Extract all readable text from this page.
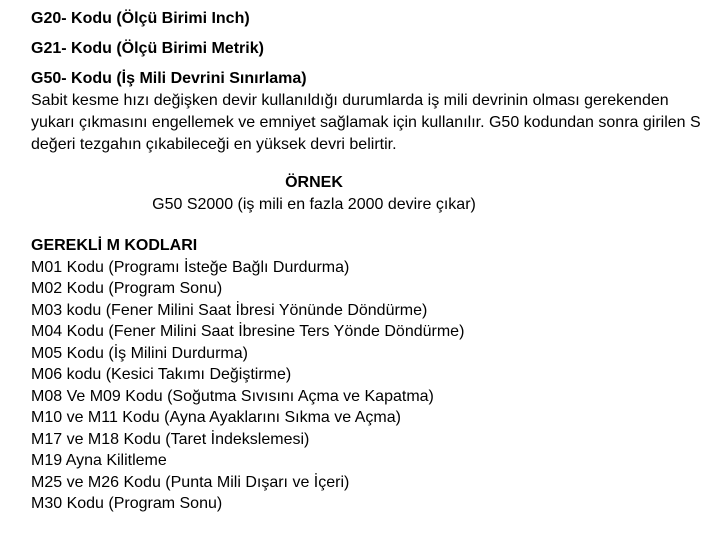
G20- Kodu (Ölçü Birimi Inch)

G21- Kodu (Ölçü Birimi Metrik)

G50- Kodu (İş Mili Devrini Sınırlama)

Sabit kesme hızı değişken devir kullanıldığı durumlarda iş mili devrinin olması gerekenden yukarı çıkmasını engellemek ve emniyet sağlamak için kullanılır. G50 kodundan sonra girilen S değeri tezgahın çıkabileceği en yüksek devri belirtir.

ÖRNEK
G50 S2000 (iş mili en fazla 2000 devire çıkar)
GEREKLİ M KODLARI
M01 Kodu (Programı İsteğe Bağlı Durdurma)
M02 Kodu (Program Sonu)
M03 kodu (Fener Milini Saat İbresi Yönünde Döndürme)
M04 Kodu (Fener Milini Saat İbresine Ters Yönde Döndürme)
M05 Kodu (İş Milini Durdurma)
M06 kodu (Kesici Takımı Değiştirme)
M08 Ve M09 Kodu (Soğutma Sıvısını Açma ve Kapatma)
M10 ve M11 Kodu (Ayna Ayaklarını Sıkma ve Açma)
M17 ve M18 Kodu (Taret İndekslemesi)
M19 Ayna Kilitleme
M25 ve M26 Kodu (Punta Mili Dışarı ve İçeri)
M30 Kodu (Program Sonu)
